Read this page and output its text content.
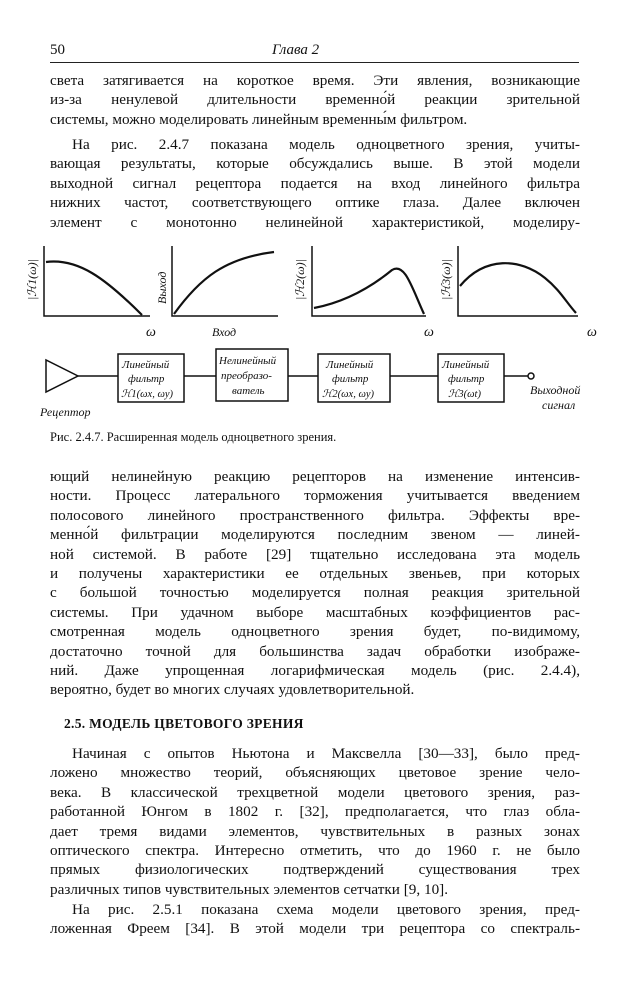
50	Глава 2

света затягивается на короткое время. Эти явления, возникающие
из-за ненулевой длительности временно́й реакции зрительной
системы, можно моделировать линейным временны́м фильтром.

На рис. 2.4.7 показана модель одноцветного зрения, учиты-
вающая результаты, которые обсуждались выше. В этой модели
выходной сигнал рецептора подается на вход линейного фильтра
нижних частот, соответствующего оптике глаза. Далее включен
элемент с монотонно нелинейной характеристикой, моделиру-

|ℋ1(ω)|
ω
Выход
Вход
|ℋ2(ω)|
ω
|ℋ3(ω)|
ω
Линейный
фильтр
ℋ1(ωx, ωy)
Нелинейный
преобразо-
ватель
Линейный
фильтр
ℋ2(ωx, ωy)
Линейный
фильтр
ℋ3(ωt)
Рецептор
Выходной
сигнал
Рис. 2.4.7. Расширенная модель одноцветного зрения.

ющий нелинейную реакцию рецепторов на изменение интенсив-
ности. Процесс латерального торможения учитывается введением
полосового линейного пространственного фильтра. Эффекты вре-
менно́й фильтрации моделируются последним звеном — линей-
ной системой. В работе [29] тщательно исследована эта модель
и получены характеристики ее отдельных звеньев, при которых
с большой точностью моделируется полная реакция зрительной
системы. При удачном выборе масштабных коэффициентов рас-
смотренная модель одноцветного зрения будет, по-видимому,
достаточно точной для большинства задач обработки изображе-
ний. Даже упрощенная логарифмическая модель (рис. 2.4.4),
вероятно, будет во многих случаях удовлетворительной.

2.5. МОДЕЛЬ ЦВЕТОВОГО ЗРЕНИЯ

Начиная с опытов Ньютона и Максвелла [30—33], было пред-
ложено множество теорий, объясняющих цветовое зрение чело-
века. В классической трехцветной модели цветового зрения, раз-
работанной Юнгом в 1802 г. [32], предполагается, что глаз обла-
дает тремя видами элементов, чувствительных в разных зонах
оптического спектра. Интересно отметить, что до 1960 г. не было
прямых физиологических подтверждений существования трех
различных типов чувствительных элементов сетчатки [9, 10].

На рис. 2.5.1 показана схема модели цветового зрения, пред-
ложенная Фреем [34]. В этой модели три рецептора со спектраль-
